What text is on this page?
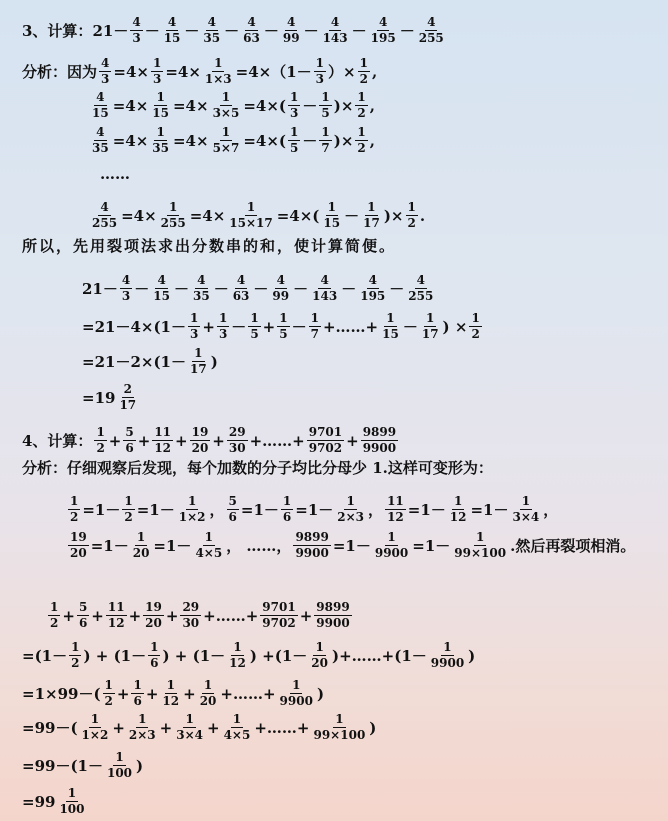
3、计算： $21 - \frac{4}{3} - \frac{4}{15} - \frac{4}{35} - \frac{4}{63} - \frac{4}{99} - \frac{4}{143} - \frac{4}{195} - \frac{4}{255}$
分析：因为 $\frac{4}{3} =4\times \frac{1}{3} =4\times \frac{1}{1\times 3} =4\times(1- \frac{1}{3}$ ）× $\frac{1}{2}$ ,
$\frac{4}{15} =4\times \frac{1}{15} =4\times \frac{1}{3\times 5} =4\times( \frac{1}{3} - \frac{1}{5}$ )× $\frac{1}{2}$ ,
$\frac{4}{35} =4\times \frac{1}{35} =4\times \frac{1}{5\times 7} =4\times( \frac{1}{5} - \frac{1}{7}$ )× $\frac{1}{2}$ ,
……
$\frac{4}{255} =4\times \frac{1}{255} =4\times \frac{1}{15\times 17} =4\times( \frac{1}{15} - \frac{1}{17}$ )× $\frac{1}{2}$ .
所以，先用裂项法求出分数串的和，使计算简便。
$21 - \frac{4}{3} - \frac{4}{15} - \frac{4}{35} - \frac{4}{63} - \frac{4}{99} - \frac{4}{143} - \frac{4}{195} - \frac{4}{255}$
$=21-4\times (1- \frac{1}{3} + \frac{1}{3} - \frac{1}{5} + \frac{1}{5} - \frac{1}{7}$ +……+ $\frac{1}{15} - \frac{1}{17}$ ) × $\frac{1}{2}$
$=21-2\times(1- \frac{1}{17}$ )
$=19 \frac{2}{17}$
4、计算： $\frac{1}{2} + \frac{5}{6} + \frac{11}{12} + \frac{19}{20} + \frac{29}{30}$ +……+ $\frac{9701}{9702} + \frac{9899}{9900}$
分析：仔细观察后发现，每个加数的分子均比分母少 1.这样可变形为：
$\frac{1}{2} =1- \frac{1}{2} =1- \frac{1}{1\times 2}$ ， $\frac{5}{6} =1- \frac{1}{6} =1- \frac{1}{2\times 3}$ ， $\frac{11}{12} =1- \frac{1}{12} =1- \frac{1}{3\times 4}$ ，
$\frac{19}{20} =1- \frac{1}{20} =1- \frac{1}{4\times 5}$ ， ……， $\frac{9899}{9900} =1- \frac{1}{9900} =1- \frac{1}{99\times 100}$ .然后再裂项相消。
$\frac{1}{2} + \frac{5}{6} + \frac{11}{12} + \frac{19}{20} + \frac{29}{30}$ +……+ $\frac{9701}{9702} + \frac{9899}{9900}$
$=(1- \frac{1}{2}$ ) + ($1- \frac{1}{6}$ ) + ($1- \frac{1}{12}$ ) $+(1- \frac{1}{20}$ )+……+(1－ $\frac{1}{9900}$ )
$=1\times 99-( \frac{1}{2} + \frac{1}{6} + \frac{1}{12} + \frac{1}{20}$ +……+ $\frac{1}{9900}$ )
$=99-( \frac{1}{1\times 2} + \frac{1}{2\times 3} + \frac{1}{3\times 4} + \frac{1}{4\times 5}$ +……+ $\frac{1}{99\times 100}$ )
$=99-(1- \frac{1}{100}$ )
$=99 \frac{1}{100}$
